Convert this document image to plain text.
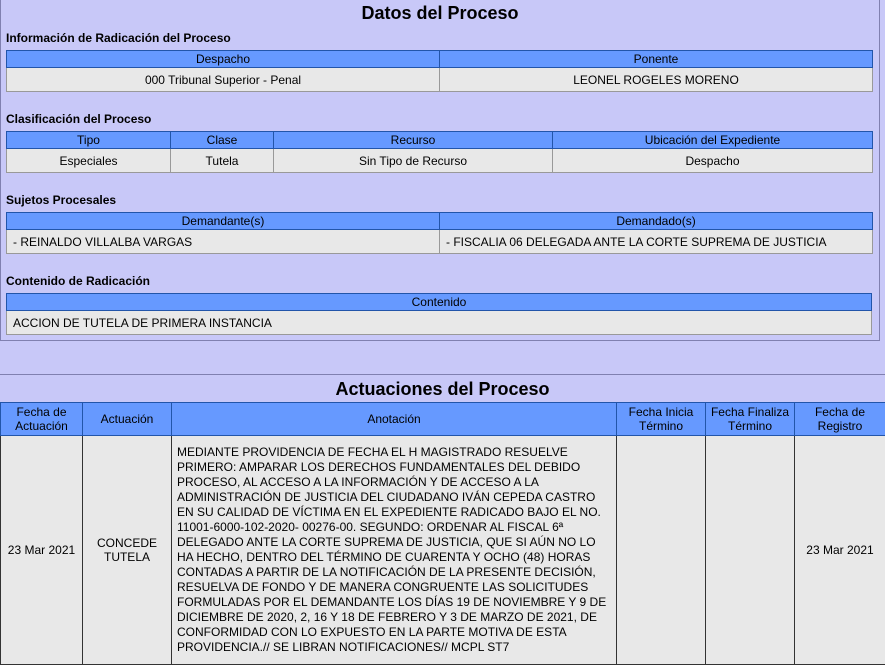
Datos del Proceso
Información de Radicación del Proceso
Despacho	Ponente
000 Tribunal Superior - Penal	LEONEL ROGELES MORENO
Clasificación del Proceso
Tipo	Clase	Recurso	Ubicación del Expediente
Especiales	Tutela	Sin Tipo de Recurso	Despacho
Sujetos Procesales
Demandante(s)	Demandado(s)
- REINALDO VILLALBA VARGAS	- FISCALIA 06 DELEGADA ANTE LA CORTE SUPREMA DE JUSTICIA
Contenido de Radicación
Contenido
ACCION DE TUTELA DE PRIMERA INSTANCIA
Actuaciones del Proceso
Fecha de Actuación	Actuación	Anotación	Fecha Inicia Término	Fecha Finaliza Término	Fecha de Registro
23 Mar 2021	CONCEDE TUTELA	MEDIANTE PROVIDENCIA DE FECHA EL H MAGISTRADO RESUELVE PRIMERO: AMPARAR LOS DERECHOS FUNDAMENTALES DEL DEBIDO PROCESO, AL ACCESO A LA INFORMACIÓN Y DE ACCESO A LA ADMINISTRACIÓN DE JUSTICIA DEL CIUDADANO IVÁN CEPEDA CASTRO EN SU CALIDAD DE VÍCTIMA EN EL EXPEDIENTE RADICADO BAJO EL NO. 11001-6000-102-2020- 00276-00. SEGUNDO: ORDENAR AL FISCAL 6ª DELEGADO ANTE LA CORTE SUPREMA DE JUSTICIA, QUE SI AÚN NO LO HA HECHO, DENTRO DEL TÉRMINO DE CUARENTA Y OCHO (48) HORAS CONTADAS A PARTIR DE LA NOTIFICACIÓN DE LA PRESENTE DECISIÓN, RESUELVA DE FONDO Y DE MANERA CONGRUENTE LAS SOLICITUDES FORMULADAS POR EL DEMANDANTE LOS DÍAS 19 DE NOVIEMBRE Y 9 DE DICIEMBRE DE 2020, 2, 16 Y 18 DE FEBRERO Y 3 DE MARZO DE 2021, DE CONFORMIDAD CON LO EXPUESTO EN LA PARTE MOTIVA DE ESTA PROVIDENCIA.// SE LIBRAN NOTIFICACIONES// MCPL ST7			23 Mar 2021
